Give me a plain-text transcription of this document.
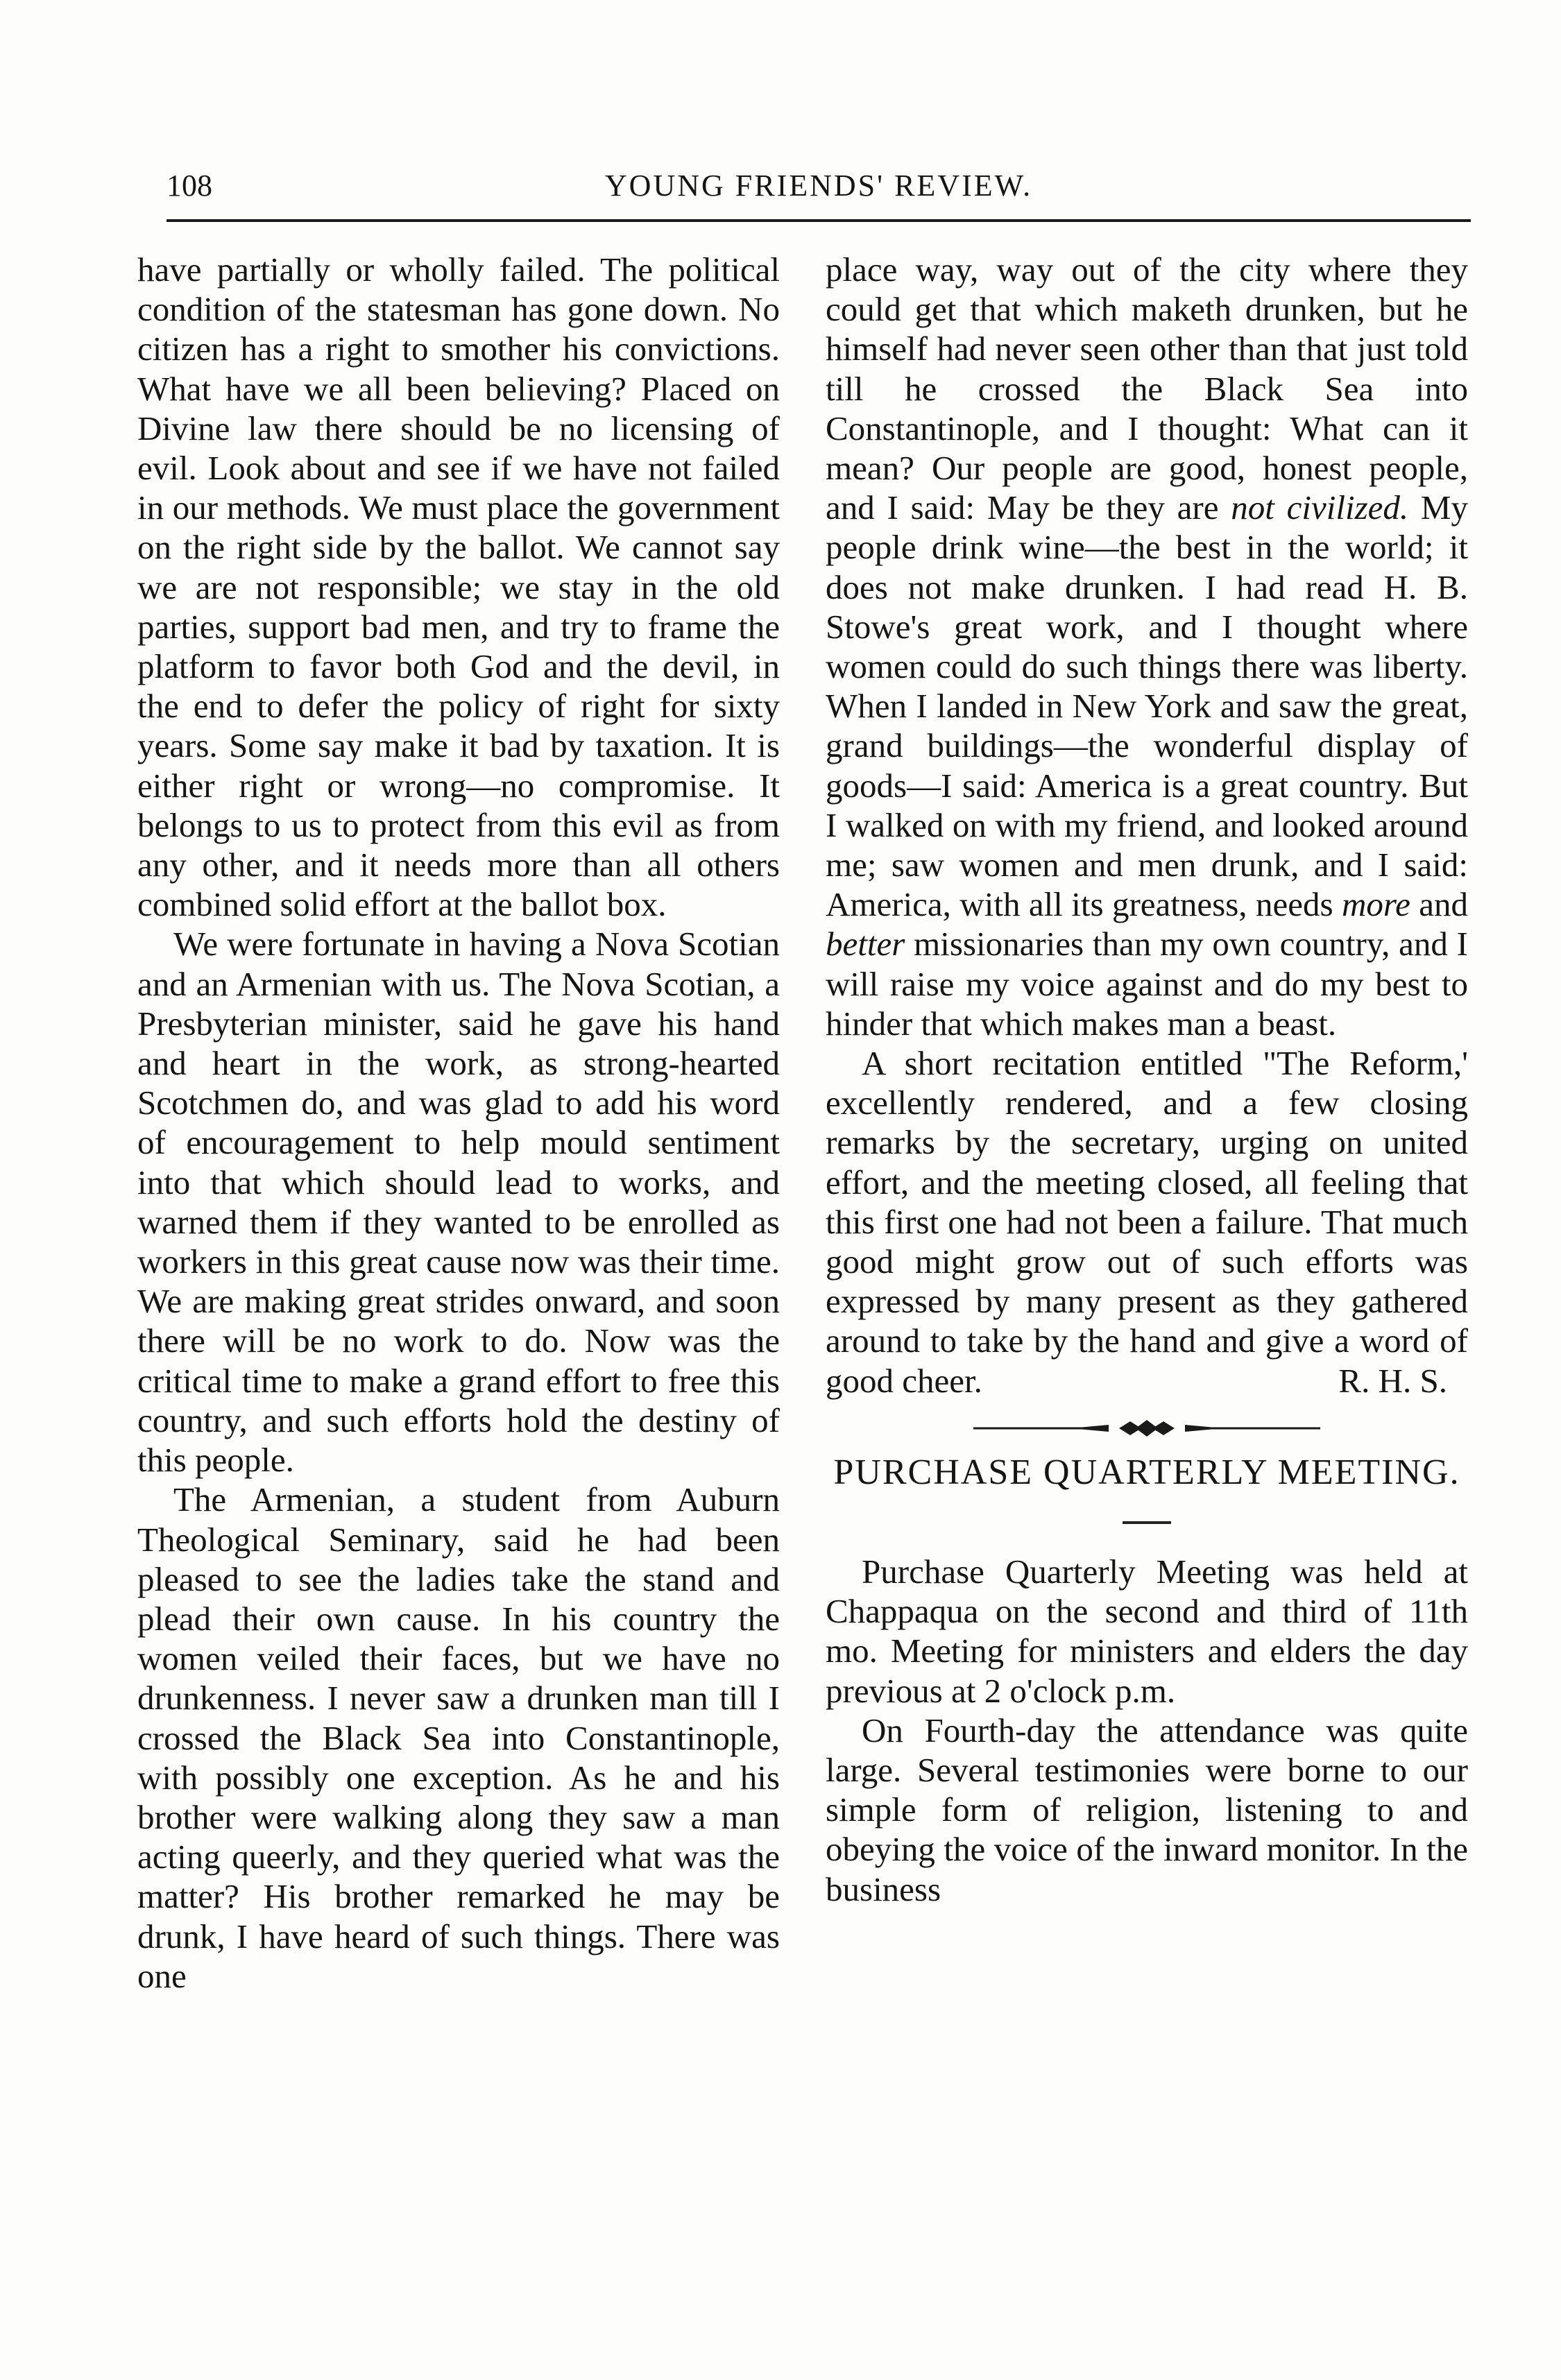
108	YOUNG FRIENDS' REVIEW.

have partially or wholly failed. The political condition of the statesman has gone down. No citizen has a right to smother his convictions. What have we all been believing? Placed on Divine law there should be no licensing of evil. Look about and see if we have not failed in our methods. We must place the government on the right side by the ballot. We cannot say we are not responsible; we stay in the old parties, support bad men, and try to frame the platform to favor both God and the devil, in the end to defer the policy of right for sixty years. Some say make it bad by taxation. It is either right or wrong—no compromise. It belongs to us to protect from this evil as from any other, and it needs more than all others combined solid effort at the ballot box.

We were fortunate in having a Nova Scotian and an Armenian with us. The Nova Scotian, a Presbyterian minister, said he gave his hand and heart in the work, as strong-hearted Scotchmen do, and was glad to add his word of encouragement to help mould sentiment into that which should lead to works, and warned them if they wanted to be enrolled as workers in this great cause now was their time. We are making great strides onward, and soon there will be no work to do. Now was the critical time to make a grand effort to free this country, and such efforts hold the destiny of this people.

The Armenian, a student from Auburn Theological Seminary, said he had been pleased to see the ladies take the stand and plead their own cause. In his country the women veiled their faces, but we have no drunkenness. I never saw a drunken man till I crossed the Black Sea into Constantinople, with possibly one exception. As he and his brother were walking along they saw a man acting queerly, and they queried what was the matter? His brother remarked he may be drunk, I have heard of such things. There was one

place way, way out of the city where they could get that which maketh drunken, but he himself had never seen other than that just told till he crossed the Black Sea into Constantinople, and I thought: What can it mean? Our people are good, honest people, and I said: May be they are not civilized. My people drink wine—the best in the world; it does not make drunken. I had read H. B. Stowe's great work, and I thought where women could do such things there was liberty. When I landed in New York and saw the great, grand buildings—the wonderful display of goods—I said: America is a great country. But I walked on with my friend, and looked around me; saw women and men drunk, and I said: America, with all its greatness, needs more and better missionaries than my own country, and I will raise my voice against and do my best to hinder that which makes man a beast.

A short recitation entitled "The Reform,' excellently rendered, and a few closing remarks by the secretary, urging on united effort, and the meeting closed, all feeling that this first one had not been a failure. That much good might grow out of such efforts was expressed by many present as they gathered around to take by the hand and give a word of good cheer.	R. H. S.

PURCHASE QUARTERLY MEETING.

Purchase Quarterly Meeting was held at Chappaqua on the second and third of 11th mo. Meeting for ministers and elders the day previous at 2 o'clock p.m.

On Fourth-day the attendance was quite large. Several testimonies were borne to our simple form of religion, listening to and obeying the voice of the inward monitor. In the business
